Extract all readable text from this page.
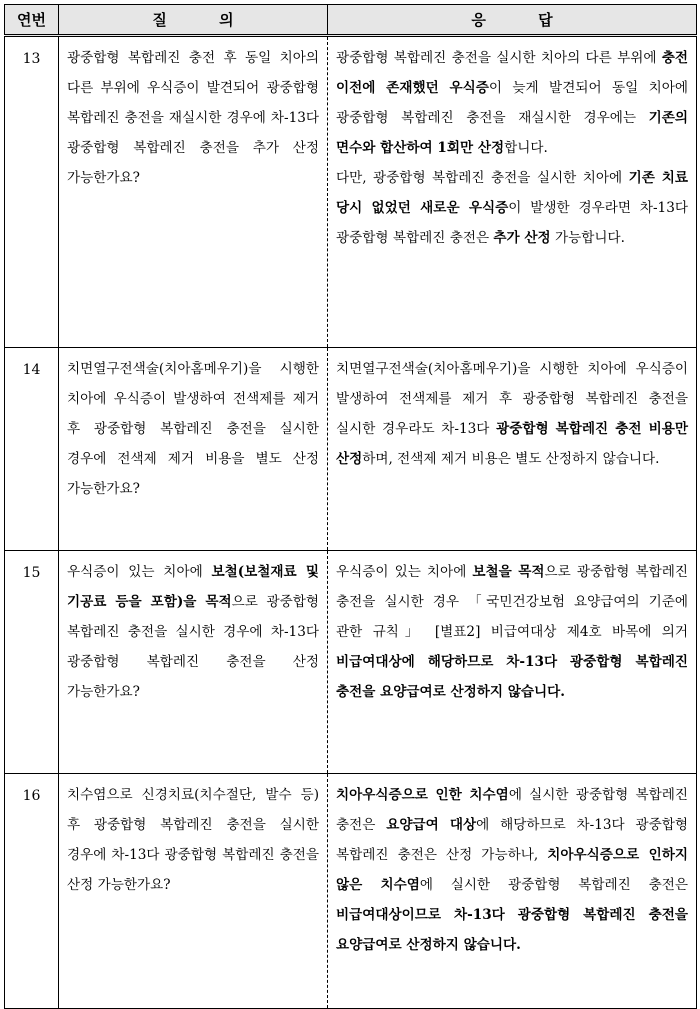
연번	질          의	응          답
13	광중합형 복합레진 충전 후 동일 치아의 다른 부위에 우식증이 발견되어 광중합형 복합레진 충전을 재실시한 경우에 차-13다 광중합형 복합레진 충전을 추가 산정 가능한가요?	광중합형 복합레진 충전을 실시한 치아의 다른 부위에 충전 이전에 존재했던 우식증이 늦게 발견되어 동일 치아에 광중합형 복합레진 충전을 재실시한 경우에는 기존의 면수와 합산하여 1회만 산정합니다.

다만, 광중합형 복합레진 충전을 실시한 치아에 기존 치료 당시 없었던 새로운 우식증이 발생한 경우라면 차-13다 광중합형 복합레진 충전은 추가 산정 가능합니다.

14	치면열구전색술(치아홈메우기)을 시행한 치아에 우식증이 발생하여 전색제를 제거 후 광중합형 복합레진 충전을 실시한 경우에 전색제 제거 비용을 별도 산정 가능한가요?	치면열구전색술(치아홈메우기)을 시행한 치아에 우식증이 발생하여 전색제를 제거 후 광중합형 복합레진 충전을 실시한 경우라도 차-13다 광중합형 복합레진 충전 비용만 산정하며, 전색제 제거 비용은 별도 산정하지 않습니다.

15	우식증이 있는 치아에 보철(보철재료 및 기공료 등을 포함)을 목적으로 광중합형 복합레진 충전을 실시한 경우에 차-13다 광중합형 복합레진 충전을 산정 가능한가요?	우식증이 있는 치아에 보철을 목적으로 광중합형 복합레진 충전을 실시한 경우 「국민건강보험 요양급여의 기준에 관한 규칙」 [별표2] 비급여대상 제4호 바목에 의거 비급여대상에 해당하므로 차-13다 광중합형 복합레진 충전을 요양급여로 산정하지 않습니다.

16	치수염으로 신경치료(치수절단, 발수 등) 후 광중합형 복합레진 충전을 실시한 경우에 차-13다 광중합형 복합레진 충전을 산정 가능한가요?	치아우식증으로 인한 치수염에 실시한 광중합형 복합레진 충전은 요양급여 대상에 해당하므로 차-13다 광중합형 복합레진 충전은 산정 가능하나, 치아우식증으로 인하지 않은 치수염에 실시한 광중합형 복합레진 충전은 비급여대상이므로 차-13다 광중합형 복합레진 충전을 요양급여로 산정하지 않습니다.
